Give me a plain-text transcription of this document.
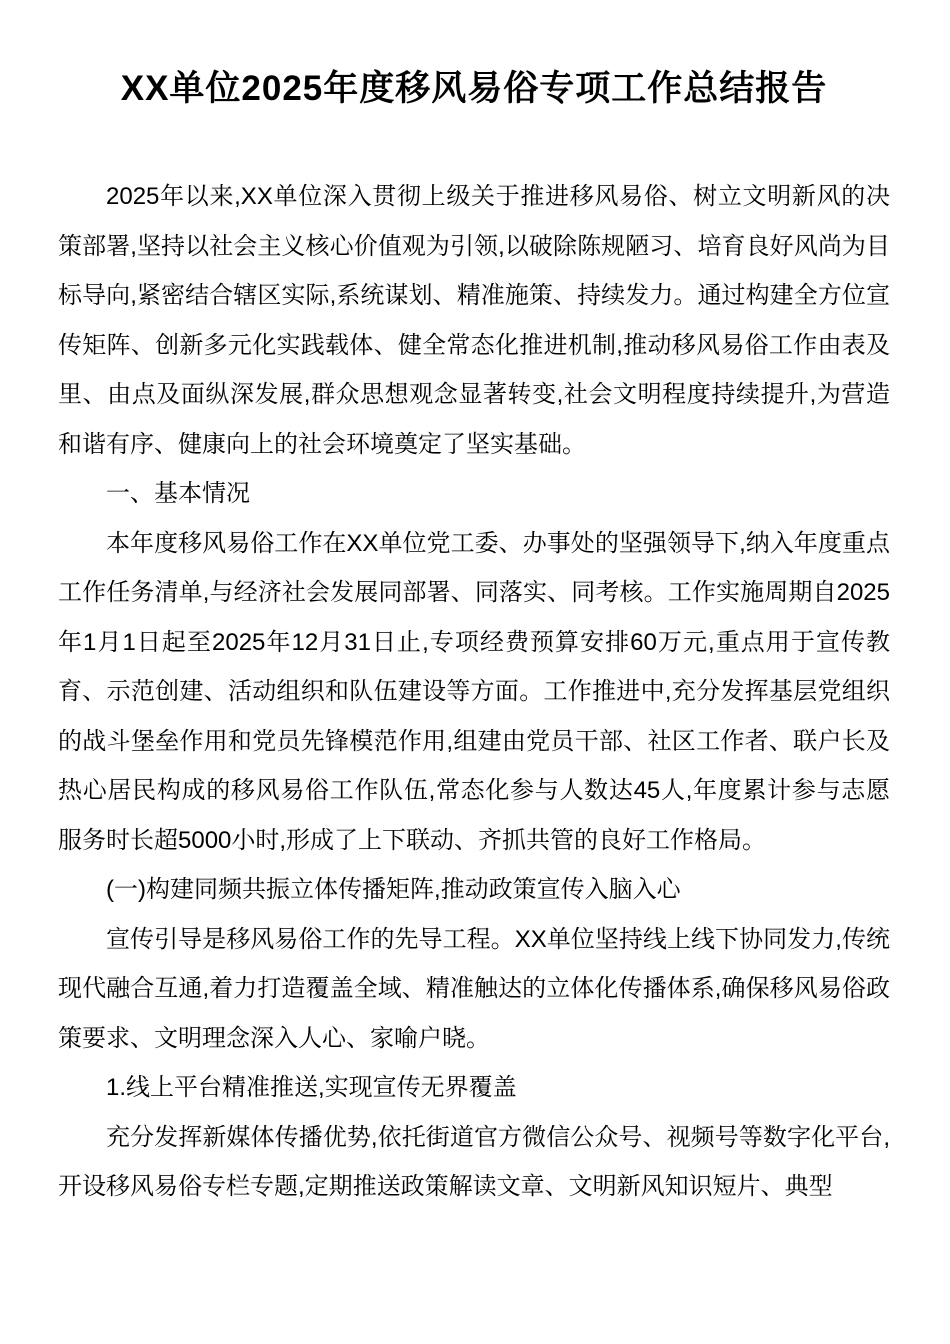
XX单位2025年度移风易俗专项工作总结报告

2025年以来,XX单位深入贯彻上级关于推进移风易俗、树立文明新风的决策部署,坚持以社会主义核心价值观为引领,以破除陈规陋习、培育良好风尚为目标导向,紧密结合辖区实际,系统谋划、精准施策、持续发力。通过构建全方位宣传矩阵、创新多元化实践载体、健全常态化推进机制,推动移风易俗工作由表及里、由点及面纵深发展,群众思想观念显著转变,社会文明程度持续提升,为营造和谐有序、健康向上的社会环境奠定了坚实基础。

一、基本情况

本年度移风易俗工作在XX单位党工委、办事处的坚强领导下,纳入年度重点工作任务清单,与经济社会发展同部署、同落实、同考核。工作实施周期自2025年1月1日起至2025年12月31日止,专项经费预算安排60万元,重点用于宣传教育、示范创建、活动组织和队伍建设等方面。工作推进中,充分发挥基层党组织的战斗堡垒作用和党员先锋模范作用,组建由党员干部、社区工作者、联户长及热心居民构成的移风易俗工作队伍,常态化参与人数达45人,年度累计参与志愿服务时长超5000小时,形成了上下联动、齐抓共管的良好工作格局。

(一)构建同频共振立体传播矩阵,推动政策宣传入脑入心

宣传引导是移风易俗工作的先导工程。XX单位坚持线上线下协同发力,传统现代融合互通,着力打造覆盖全域、精准触达的立体化传播体系,确保移风易俗政策要求、文明理念深入人心、家喻户晓。

1.线上平台精准推送,实现宣传无界覆盖

充分发挥新媒体传播优势,依托街道官方微信公众号、视频号等数字化平台,开设移风易俗专栏专题,定期推送政策解读文章、文明新风知识短片、典型
